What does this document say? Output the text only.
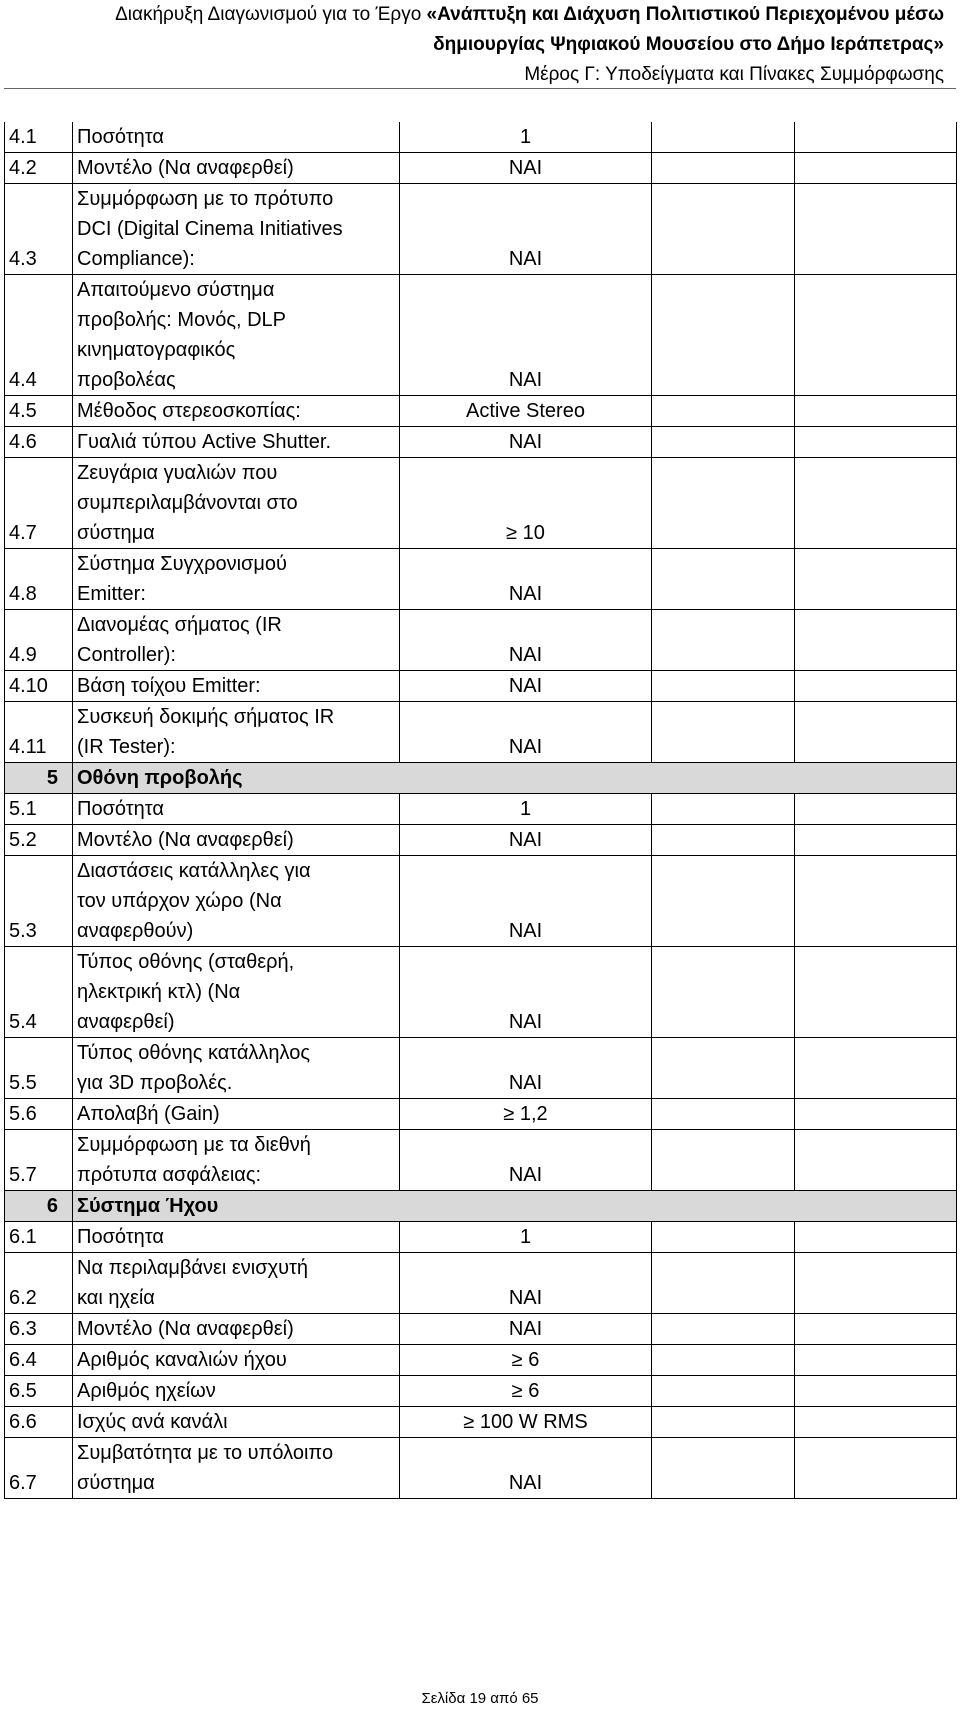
Διακήρυξη Διαγωνισμού για το Έργο «Ανάπτυξη και Διάχυση Πολιτιστικού Περιεχομένου μέσω
δημιουργίας Ψηφιακού Μουσείου στο Δήμο Ιεράπετρας»
Μέρος Γ: Υποδείγματα και Πίνακες Συμμόρφωσης
4.1	Ποσότητα	1		
4.2	Μοντέλο (Να αναφερθεί)	ΝΑΙ		
4.3	Συμμόρφωση με το πρότυπο
DCI (Digital Cinema Initiatives
Compliance):	ΝΑΙ		
4.4	Απαιτούμενο σύστημα
προβολής: Μονός, DLP
κινηματογραφικός
προβολέας	ΝΑΙ		
4.5	Μέθοδος στερεοσκοπίας:	Active Stereo		
4.6	Γυαλιά τύπου Active Shutter.	ΝΑΙ		
4.7	Ζευγάρια γυαλιών που
συμπεριλαμβάνονται στο
σύστημα	≥ 10		
4.8	Σύστημα Συγχρονισμού
Emitter:	ΝΑΙ		
4.9	Διανομέας σήματος (IR
Controller):	ΝΑΙ		
4.10	Βάση τοίχου Emitter:	ΝΑΙ		
4.11	Συσκευή δοκιμής σήματος IR
(IR Tester):	ΝΑΙ		
5	Οθόνη προβολής			

5.1	Ποσότητα	1		
5.2	Μοντέλο (Να αναφερθεί)	ΝΑΙ		
5.3	Διαστάσεις κατάλληλες για
τον υπάρχον χώρο (Να
αναφερθούν)	ΝΑΙ		
5.4	Τύπος οθόνης (σταθερή,
ηλεκτρική κτλ) (Να
αναφερθεί)	ΝΑΙ		
5.5	Τύπος οθόνης κατάλληλος
για 3D προβολές.	ΝΑΙ		
5.6	Απολαβή (Gain)	≥ 1,2		
5.7	Συμμόρφωση με τα διεθνή
πρότυπα ασφάλειας:	ΝΑΙ		
6	Σύστημα Ήχου			

6.1	Ποσότητα	1		
6.2	Να περιλαμβάνει ενισχυτή
και ηχεία	ΝΑΙ		
6.3	Μοντέλο (Να αναφερθεί)	ΝΑΙ		
6.4	Αριθμός καναλιών ήχου	≥ 6		
6.5	Αριθμός ηχείων	≥ 6		
6.6	Ισχύς ανά κανάλι	≥ 100 W RMS		
6.7	Συμβατότητα με το υπόλοιπο
σύστημα	ΝΑΙ		
Σελίδα 19 από 65
